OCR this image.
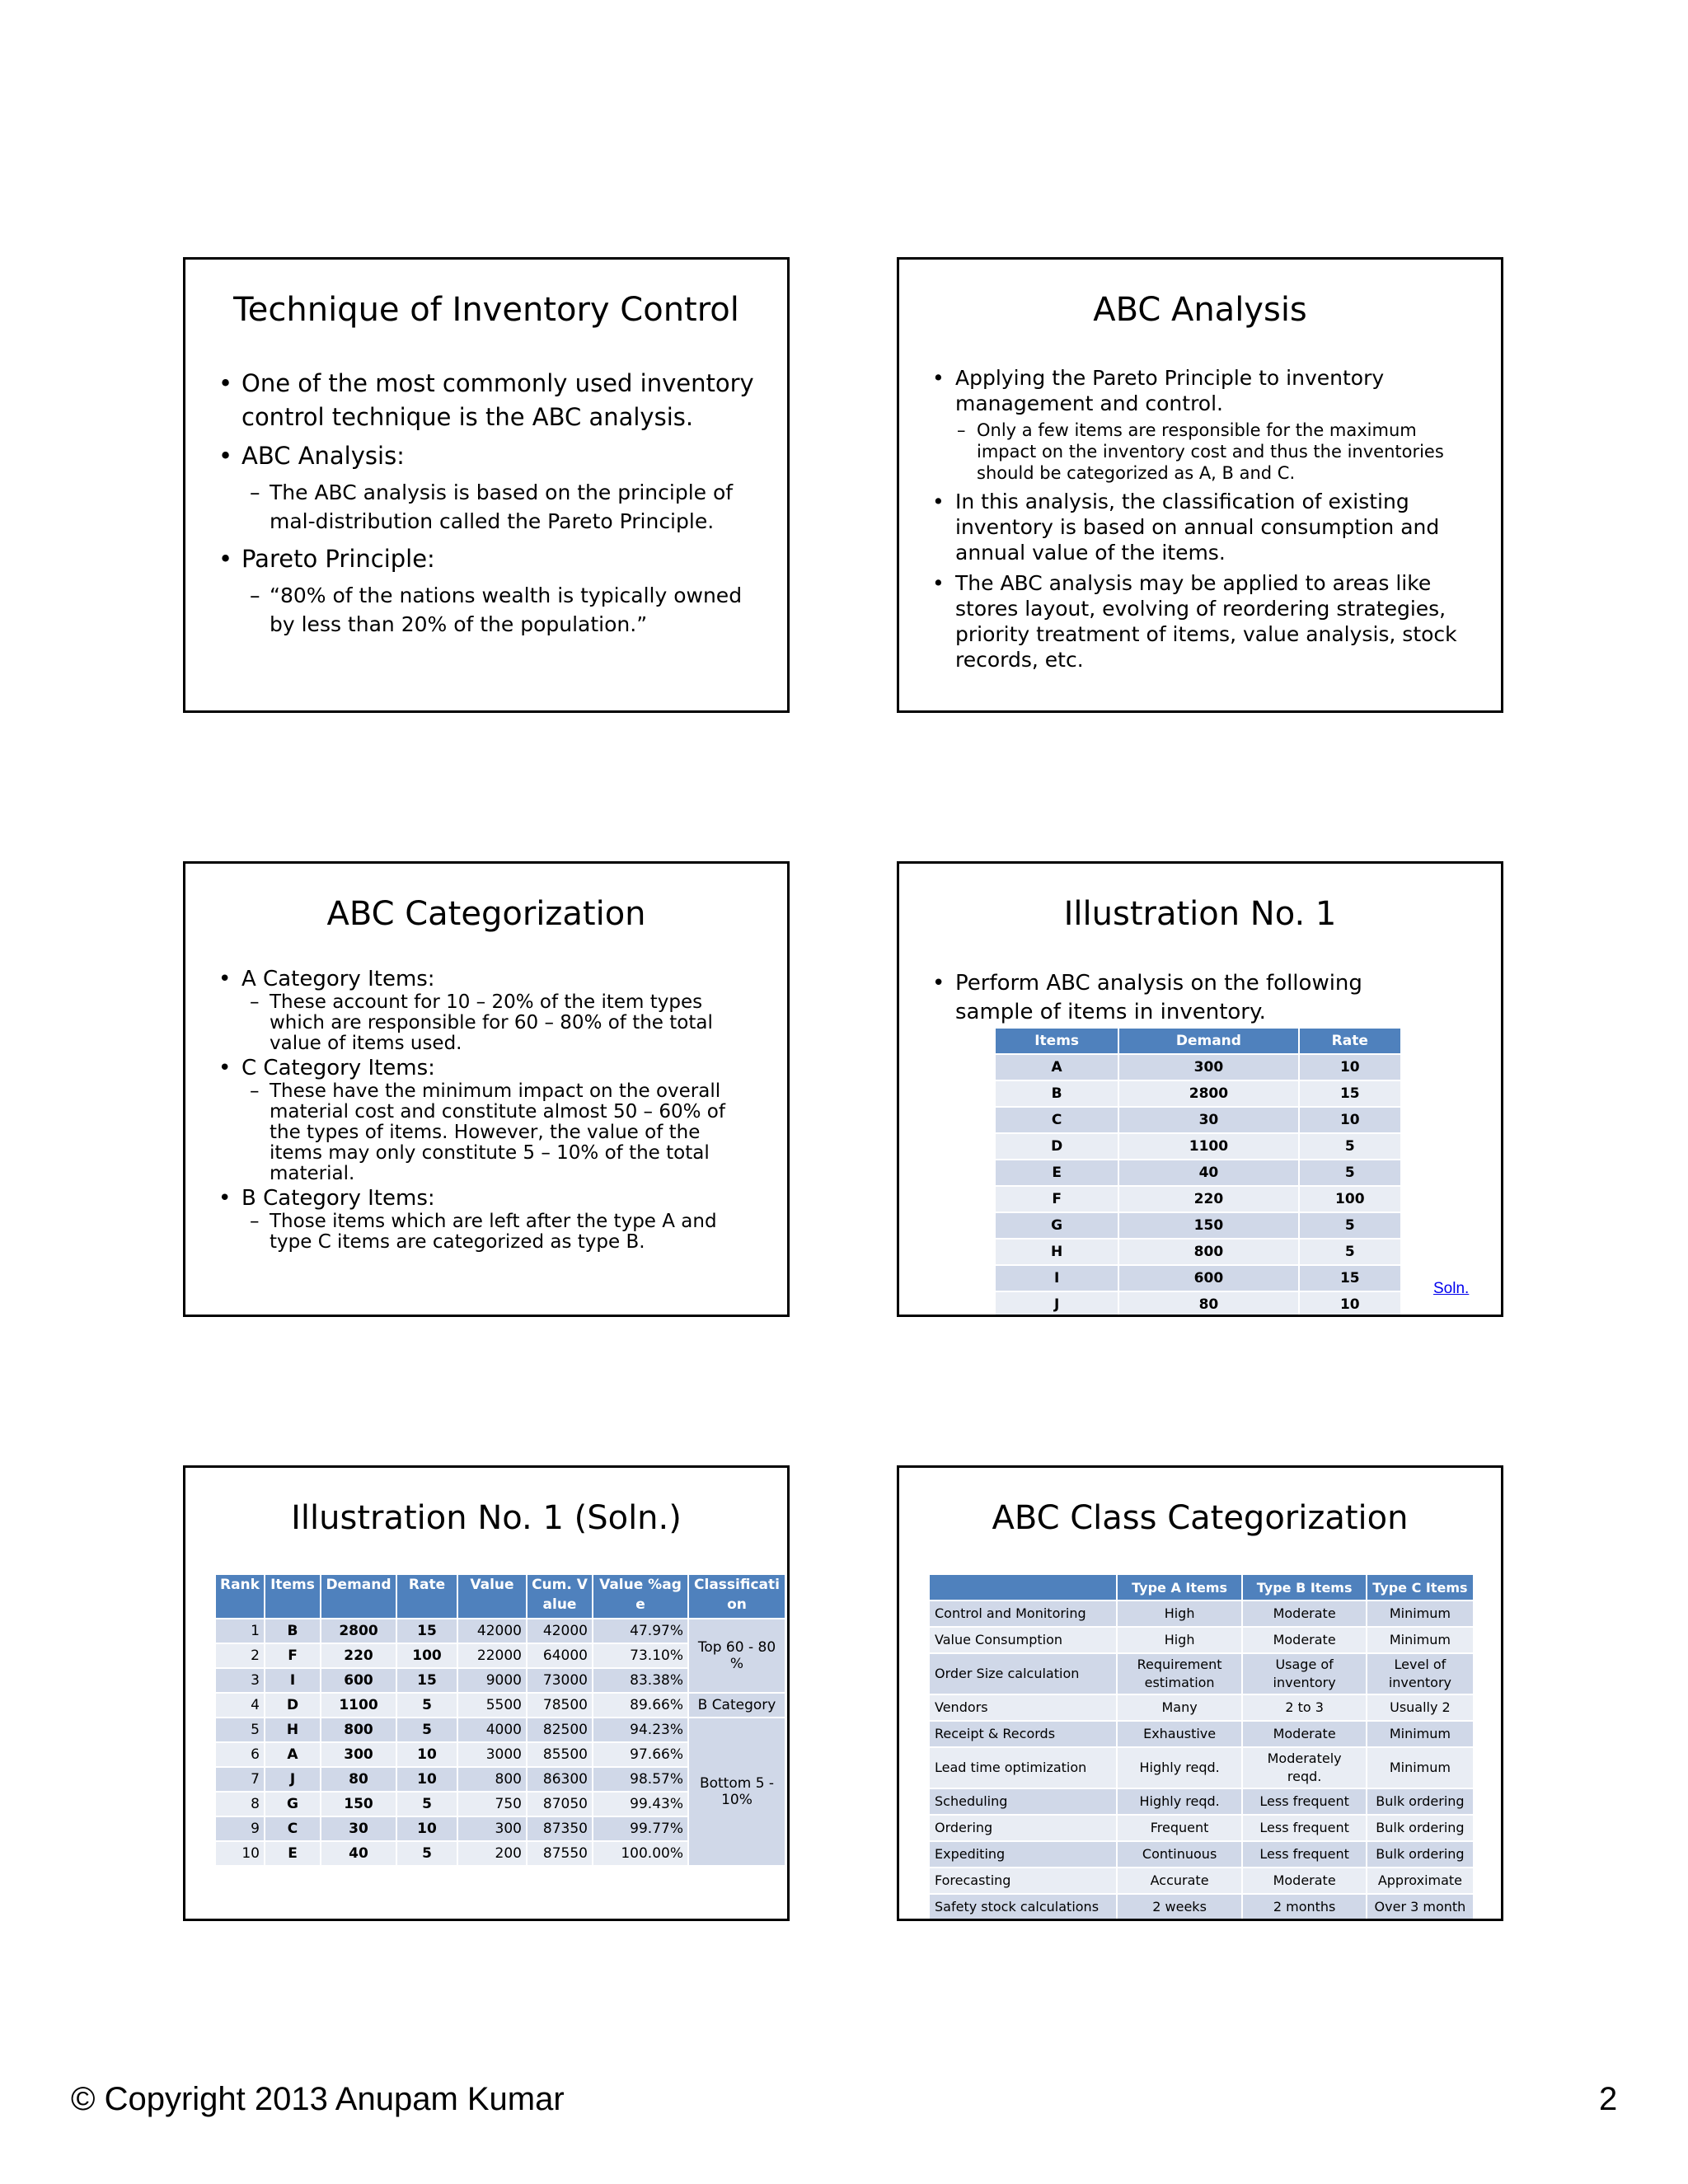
Technique of Inventory Control
• One of the most commonly used inventory control technique is the ABC analysis.
• ABC Analysis:
– The ABC analysis is based on the principle of mal-distribution called the Pareto Principle.
• Pareto Principle:
– “80% of the nations wealth is typically owned by less than 20% of the population.”
ABC Analysis
• Applying the Pareto Principle to inventory management and control.
– Only a few items are responsible for the maximum impact on the inventory cost and thus the inventories should be categorized as A, B and C.
• In this analysis, the classification of existing inventory is based on annual consumption and annual value of the items.
• The ABC analysis may be applied to areas like stores layout, evolving of reordering strategies, priority treatment of items, value analysis, stock records, etc.
ABC Categorization
• A Category Items:
– These account for 10 – 20% of the item types which are responsible for 60 – 80% of the total value of items used.
• C Category Items:
– These have the minimum impact on the overall material cost and constitute almost 50 – 60% of the types of items. However, the value of the items may only constitute 5 – 10% of the total material.
• B Category Items:
– Those items which are left after the type A and type C items are categorized as type B.
Illustration No. 1
• Perform ABC analysis on the following sample of items in inventory.
Items	Demand	Rate
A	300	10
B	2800	15
C	30	10
D	1100	5
E	40	5
F	220	100
G	150	5
H	800	5
I	600	15
J	80	10
Soln.
Illustration No. 1 (Soln.)
Rank	Items	Demand	Rate	Value	Cum. Value	Value %age	Classification
1	B	2800	15	42000	42000	47.97%	Top 60 - 80 %
2	F	220	100	22000	64000	73.10%	
3	I	600	15	9000	73000	83.38%	
4	D	1100	5	5500	78500	89.66%	B Category
5	H	800	5	4000	82500	94.23%	Bottom 5 - 10%
6	A	300	10	3000	85500	97.66%	
7	J	80	10	800	86300	98.57%	
8	G	150	5	750	87050	99.43%	
9	C	30	10	300	87350	99.77%	
10	E	40	5	200	87550	100.00%	
ABC Class Categorization
	Type A Items	Type B Items	Type C Items
Control and Monitoring	High	Moderate	Minimum
Value Consumption	High	Moderate	Minimum
Order Size calculation	Requirement estimation	Usage of inventory	Level of inventory
Vendors	Many	2 to 3	Usually 2
Receipt & Records	Exhaustive	Moderate	Minimum
Lead time optimization	Highly reqd.	Moderately reqd.	Minimum
Scheduling	Highly reqd.	Less frequent	Bulk ordering
Ordering	Frequent	Less frequent	Bulk ordering
Expediting	Continuous	Less frequent	Bulk ordering
Forecasting	Accurate	Moderate	Approximate
Safety stock calculations	2 weeks	2 months	Over 3 month
© Copyright 2013 Anupam Kumar	2
